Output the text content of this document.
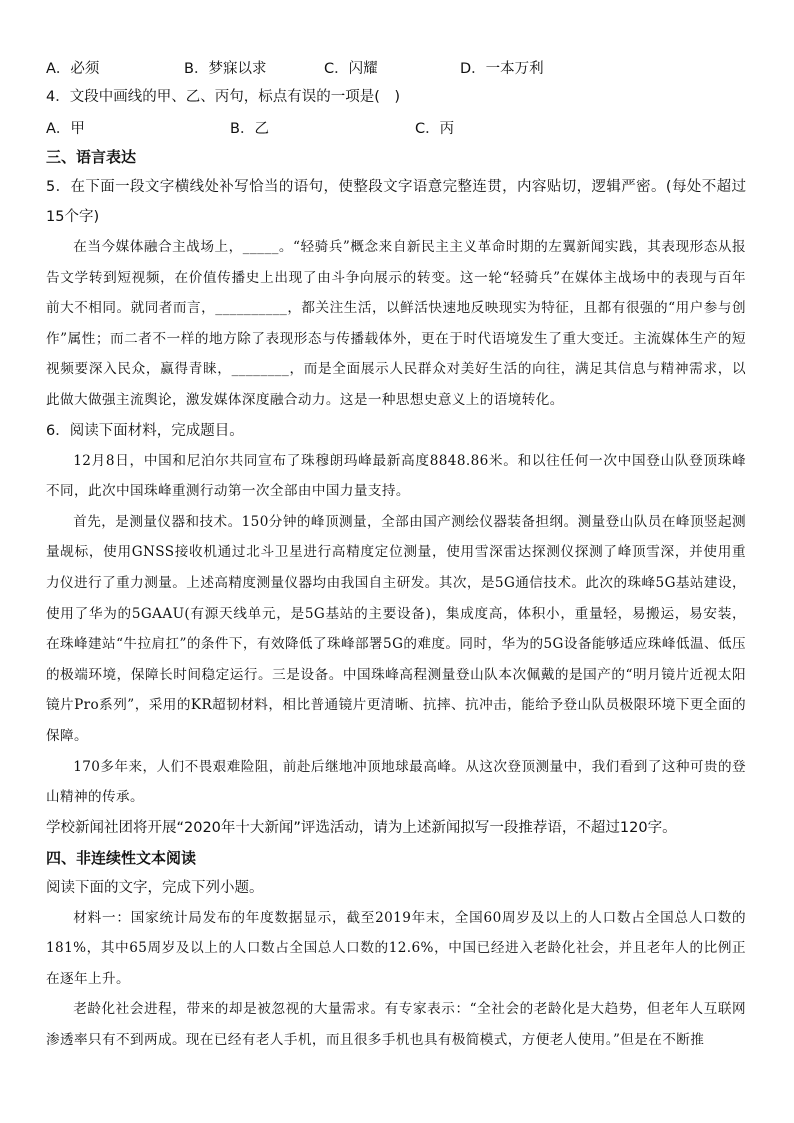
A．必须	B．梦寐以求	C．闪耀	D．一本万利

4．文段中画线的甲、乙、丙句，标点有误的一项是(　)

A．甲	B．乙	C．丙

三、语言表达

5．在下面一段文字横线处补写恰当的语句，使整段文字语意完整连贯，内容贴切，逻辑严密。(每处不超过15个字)

在当今媒体融合主战场上，_____。“轻骑兵”概念来自新民主主义革命时期的左翼新闻实践，其表现形态从报告文学转到短视频，在价值传播史上出现了由斗争向展示的转变。这一轮“轻骑兵”在媒体主战场中的表现与百年前大不相同。就同者而言，__________，都关注生活，以鲜活快速地反映现实为特征，且都有很强的“用户参与创作”属性；而二者不一样的地方除了表现形态与传播载体外，更在于时代语境发生了重大变迁。主流媒体生产的短视频要深入民众，赢得青睐，________，而是全面展示人民群众对美好生活的向往，满足其信息与精神需求，以此做大做强主流舆论，激发媒体深度融合动力。这是一种思想史意义上的语境转化。

6．阅读下面材料，完成题目。

12月8日，中国和尼泊尔共同宣布了珠穆朗玛峰最新高度8848.86米。和以往任何一次中国登山队登顶珠峰不同，此次中国珠峰重测行动第一次全部由中国力量支持。

首先，是测量仪器和技术。150分钟的峰顶测量，全部由国产测绘仪器装备担纲。测量登山队员在峰顶竖起测量觇标，使用GNSS接收机通过北斗卫星进行高精度定位测量，使用雪深雷达探测仪探测了峰顶雪深，并使用重力仪进行了重力测量。上述高精度测量仪器均由我国自主研发。其次，是5G通信技术。此次的珠峰5G基站建设，使用了华为的5GAAU(有源天线单元，是5G基站的主要设备)，集成度高，体积小，重量轻，易搬运，易安装，在珠峰建站“牛拉肩扛”的条件下，有效降低了珠峰部署5G的难度。同时，华为的5G设备能够适应珠峰低温、低压的极端环境，保障长时间稳定运行。三是设备。中国珠峰高程测量登山队本次佩戴的是国产的“明月镜片近视太阳镜片Pro系列”，采用的KR超韧材料，相比普通镜片更清晰、抗摔、抗冲击，能给予登山队员极限环境下更全面的保障。

170多年来，人们不畏艰难险阻，前赴后继地冲顶地球最高峰。从这次登顶测量中，我们看到了这种可贵的登山精神的传承。

学校新闻社团将开展“2020年十大新闻”评选活动，请为上述新闻拟写一段推荐语，不超过120字。

四、非连续性文本阅读

阅读下面的文字，完成下列小题。

材料一：国家统计局发布的年度数据显示，截至2019年末，全国60周岁及以上的人口数占全国总人口数的181%，其中65周岁及以上的人口数占全国总人口数的12.6%，中国已经进入老龄化社会，并且老年人的比例正在逐年上升。

老龄化社会进程，带来的却是被忽视的大量需求。有专家表示：“全社会的老龄化是大趋势，但老年人互联网渗透率只有不到两成。现在已经有老人手机，而且很多手机也具有极简模式，方便老人使用。”但是在不断推
